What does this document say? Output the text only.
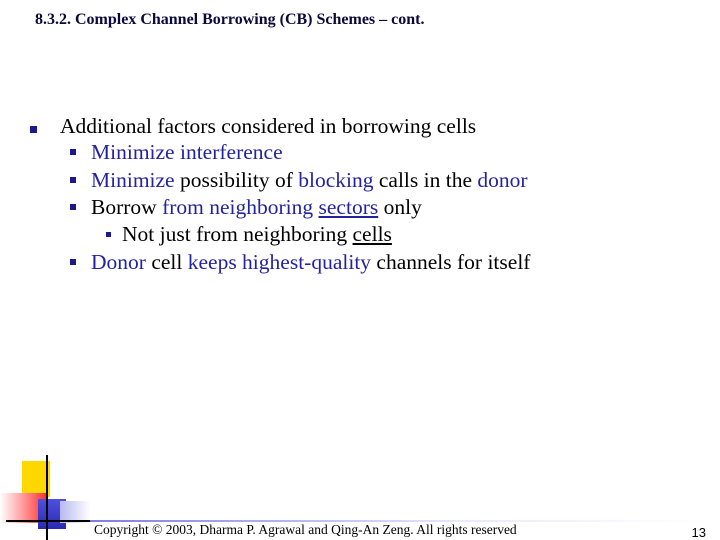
8.3.2. Complex Channel Borrowing (CB) Schemes – cont.
Additional factors considered in borrowing cells
Minimize interference
Minimize possibility of blocking calls in the donor
Borrow from neighboring sectors only
Not just from neighboring cells
Donor cell keeps highest-quality channels for itself
Copyright © 2003, Dharma P. Agrawal and Qing-An Zeng. All rights reserved	13
